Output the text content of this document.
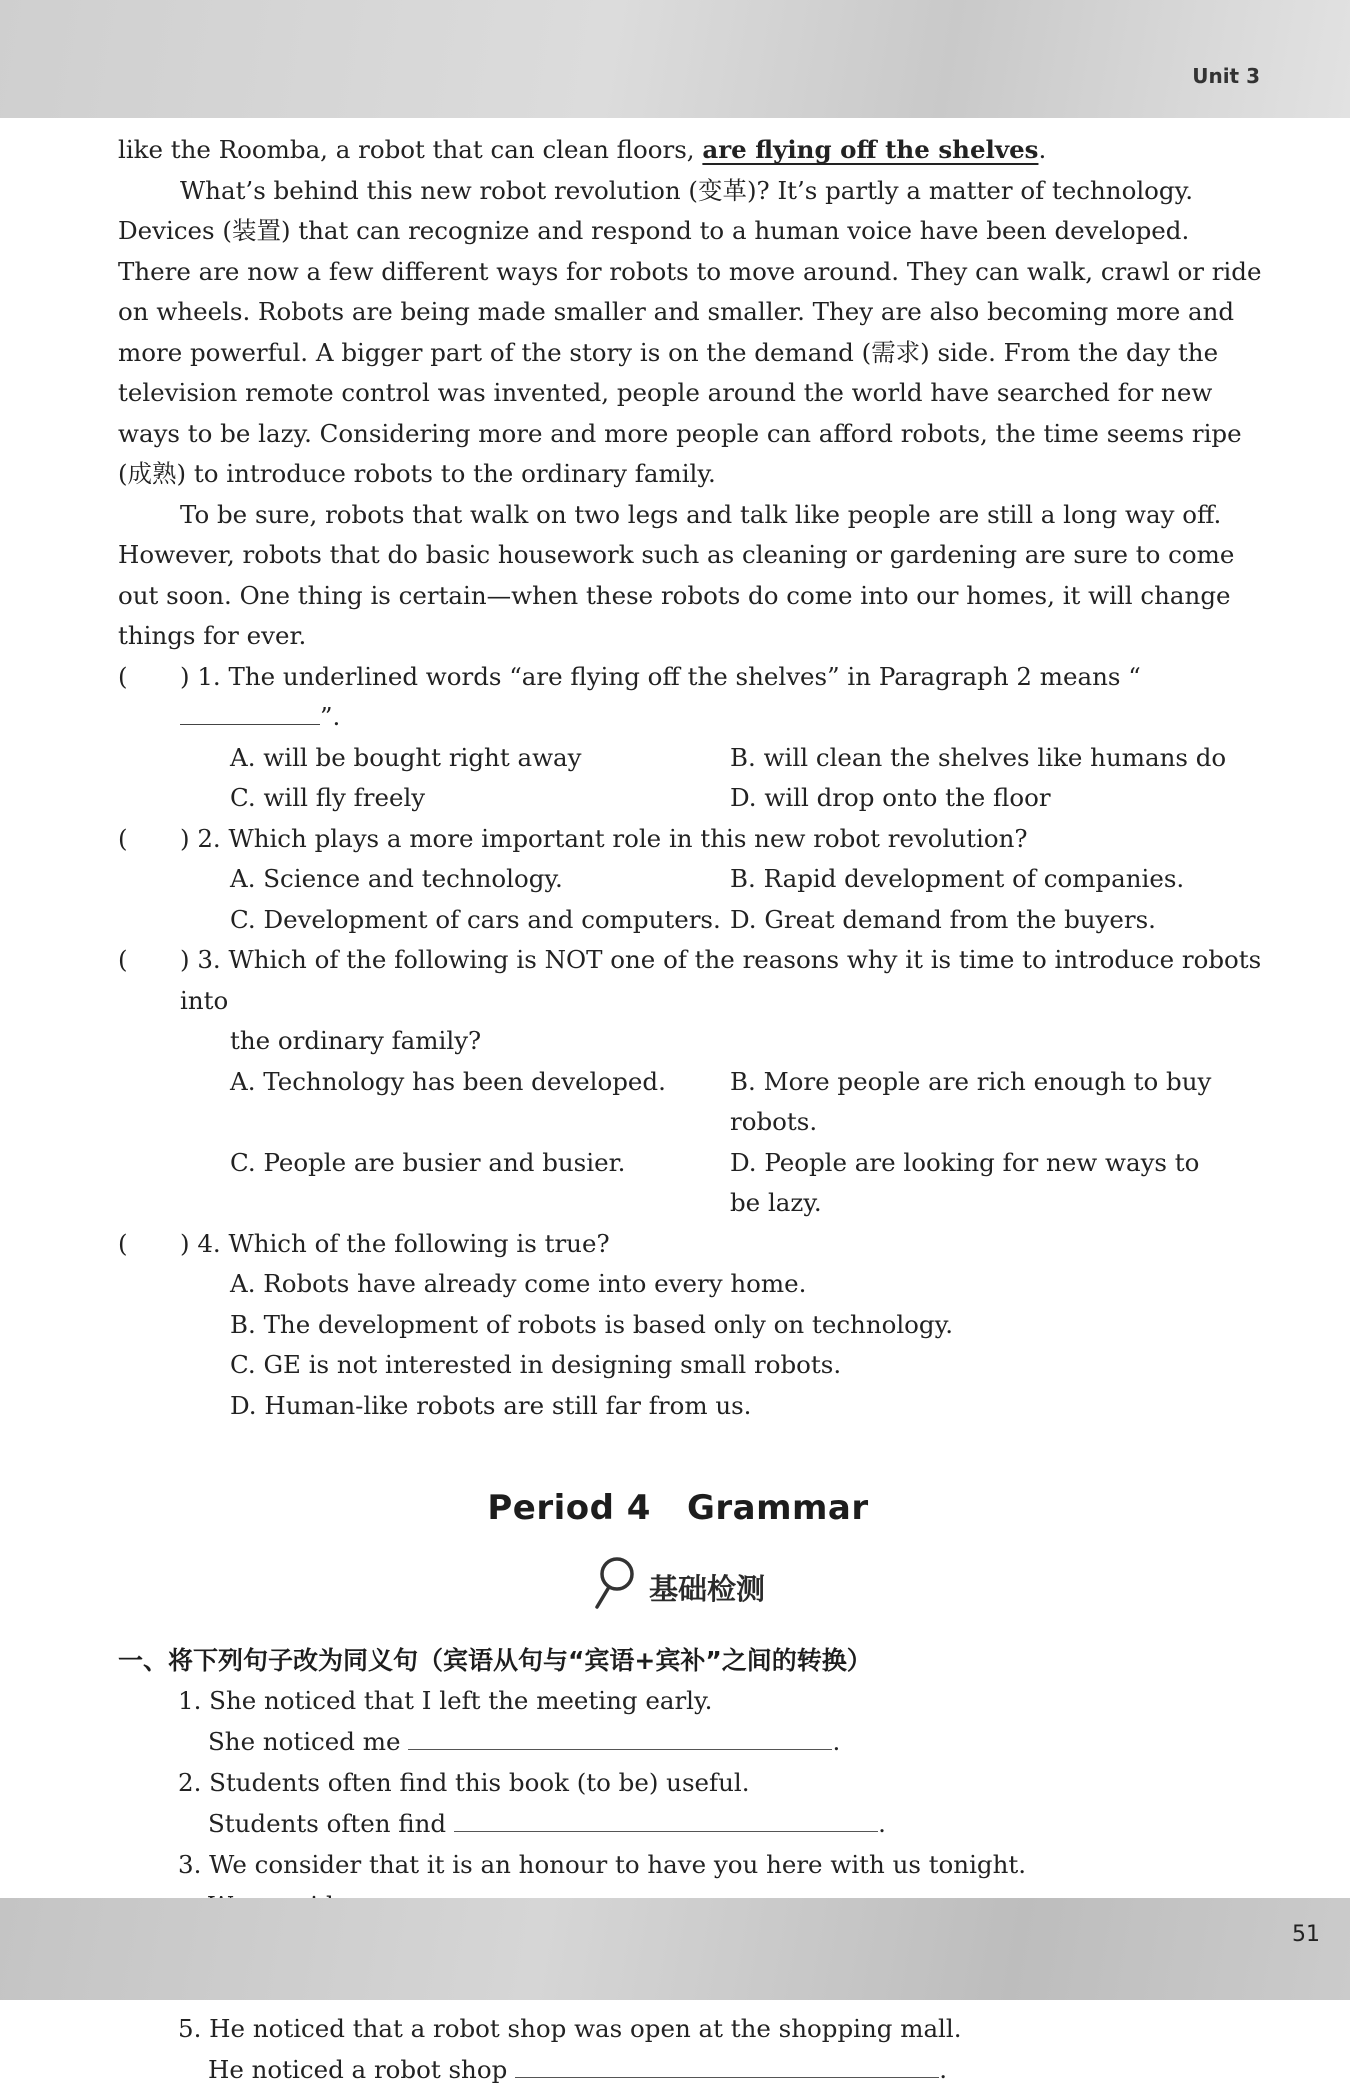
Unit 3

like the Roomba, a robot that can clean floors, are flying off the shelves.

What’s behind this new robot revolution (变革)? It’s partly a matter of technology. Devices (装置) that can recognize and respond to a human voice have been developed. There are now a few different ways for robots to move around. They can walk, crawl or ride on wheels. Robots are being made smaller and smaller. They are also becoming more and more powerful. A bigger part of the story is on the demand (需求) side. From the day the television remote control was invented, people around the world have searched for new ways to be lazy. Considering more and more people can afford robots, the time seems ripe (成熟) to introduce robots to the ordinary family.

To be sure, robots that walk on two legs and talk like people are still a long way off. However, robots that do basic housework such as cleaning or gardening are sure to come out soon. One thing is certain—when these robots do come into our homes, it will change things for ever.

( ) 1. The underlined words “are flying off the shelves” in Paragraph 2 means “”.
A. will be bought right away	B. will clean the shelves like humans do
C. will fly freely	D. will drop onto the floor
( ) 2. Which plays a more important role in this new robot revolution?
A. Science and technology.	B. Rapid development of companies.
C. Development of cars and computers. D. Great demand from the buyers.
( ) 3. Which of the following is NOT one of the reasons why it is time to introduce robots into
the ordinary family?
A. Technology has been developed.	B. More people are rich enough to buy robots.
C. People are busier and busier.	D. People are looking for new ways to be lazy.
( ) 4. Which of the following is true?
A. Robots have already come into every home.
B. The development of robots is based only on technology.
C. GE is not interested in designing small robots.
D. Human-like robots are still far from us.
Period 4 Grammar
基础检测
一、将下列句子改为同义句（宾语从句与“宾语+宾补”之间的转换）
1. She noticed that I left the meeting early.
She noticed me	.
2. Students often find this book (to be) useful.
Students often find	.
3. We consider that it is an honour to have you here with us tonight.
5. He noticed that a robot shop was open at the shopping mall.
He noticed a robot shop	.
51
